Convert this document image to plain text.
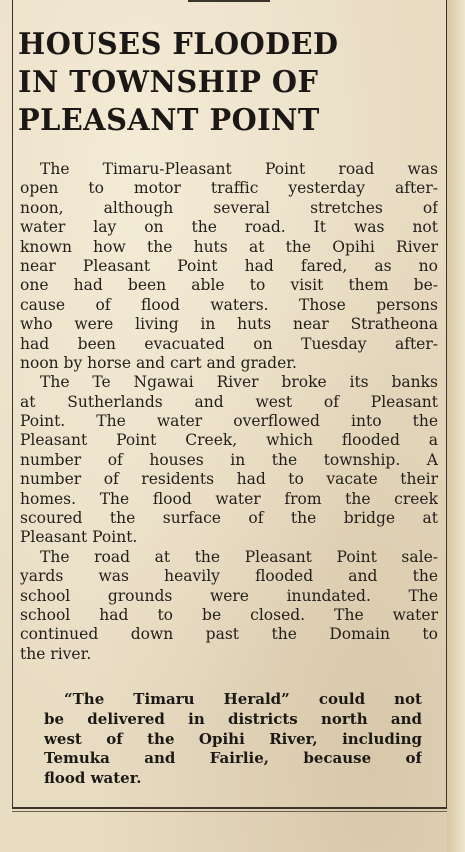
HOUSES FLOODED
IN TOWNSHIP OF
PLEASANT POINT
The Timaru-Pleasant Point road was
open to motor traffic yesterday after-
noon, although several stretches of
water lay on the road. It was not
known how the huts at the Opihi River
near Pleasant Point had fared, as no
one had been able to visit them be-
cause of flood waters. Those persons
who were living in huts near Stratheona
had been evacuated on Tuesday after-
noon by horse and cart and grader.
The Te Ngawai River broke its banks
at Sutherlands and west of Pleasant
Point. The water overflowed into the
Pleasant Point Creek, which flooded a
number of houses in the township. A
number of residents had to vacate their
homes. The flood water from the creek
scoured the surface of the bridge at
Pleasant Point.
The road at the Pleasant Point sale-
yards was heavily flooded and the
school grounds were inundated. The
school had to be closed. The water
continued down past the Domain to
the river.
“The Timaru Herald” could not
be delivered in districts north and
west of the Opihi River, including
Temuka and Fairlie, because of
flood water.
